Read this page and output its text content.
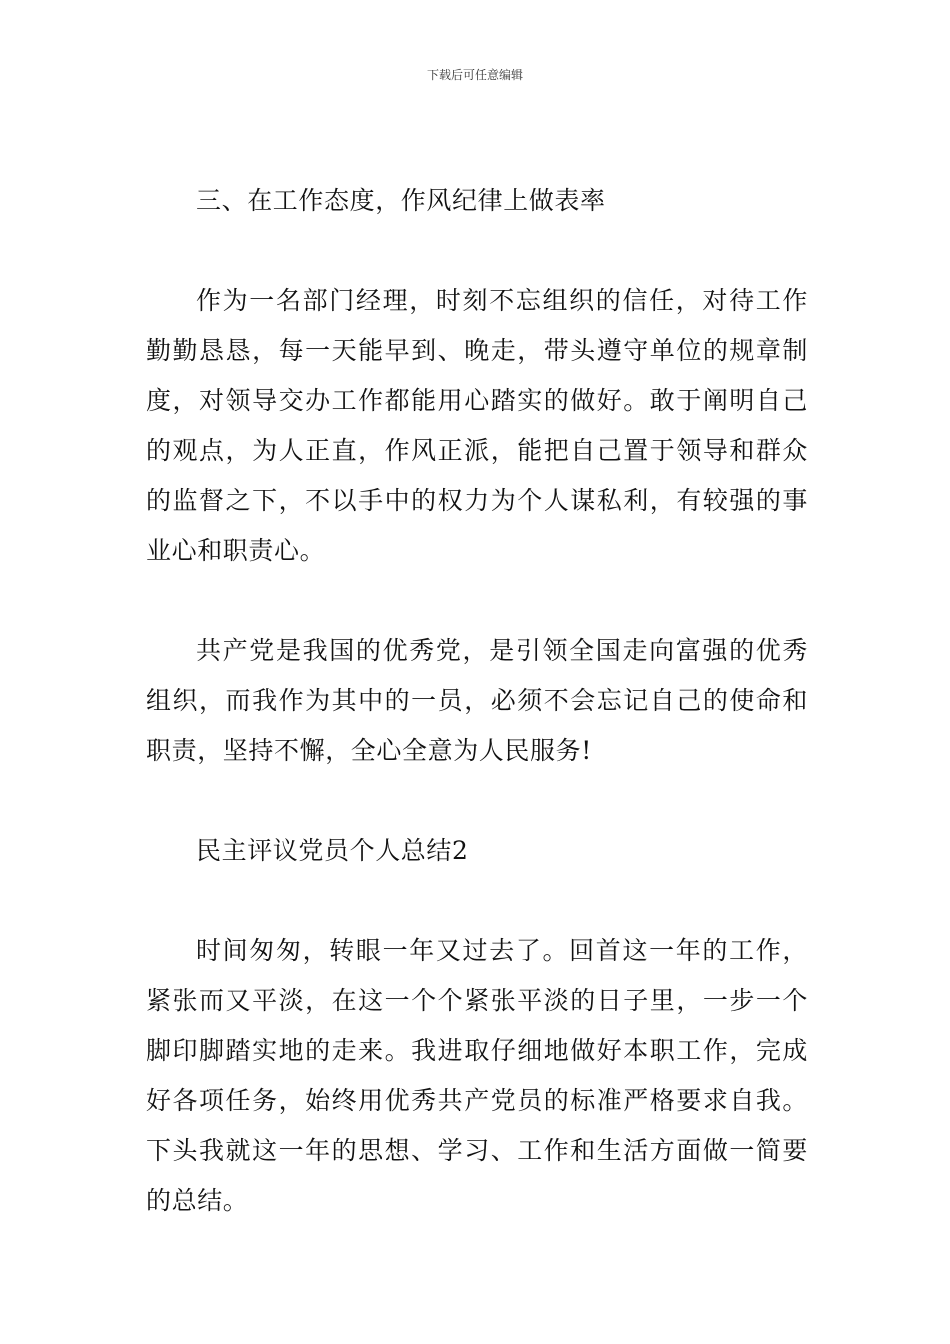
下载后可任意编辑

三、在工作态度，作风纪律上做表率

作为一名部门经理，时刻不忘组织的信任，对待工作勤勤恳恳，每一天能早到、晚走，带头遵守单位的规章制度，对领导交办工作都能用心踏实的做好。敢于阐明自己的观点，为人正直，作风正派，能把自己置于领导和群众的监督之下，不以手中的权力为个人谋私利，有较强的事业心和职责心。

共产党是我国的优秀党，是引领全国走向富强的优秀组织，而我作为其中的一员，必须不会忘记自己的使命和职责，坚持不懈，全心全意为人民服务!

民主评议党员个人总结2

时间匆匆，转眼一年又过去了。回首这一年的工作，紧张而又平淡，在这一个个紧张平淡的日子里，一步一个脚印脚踏实地的走来。我进取仔细地做好本职工作，完成好各项任务，始终用优秀共产党员的标准严格要求自我。下头我就这一年的思想、学习、工作和生活方面做一简要的总结。
